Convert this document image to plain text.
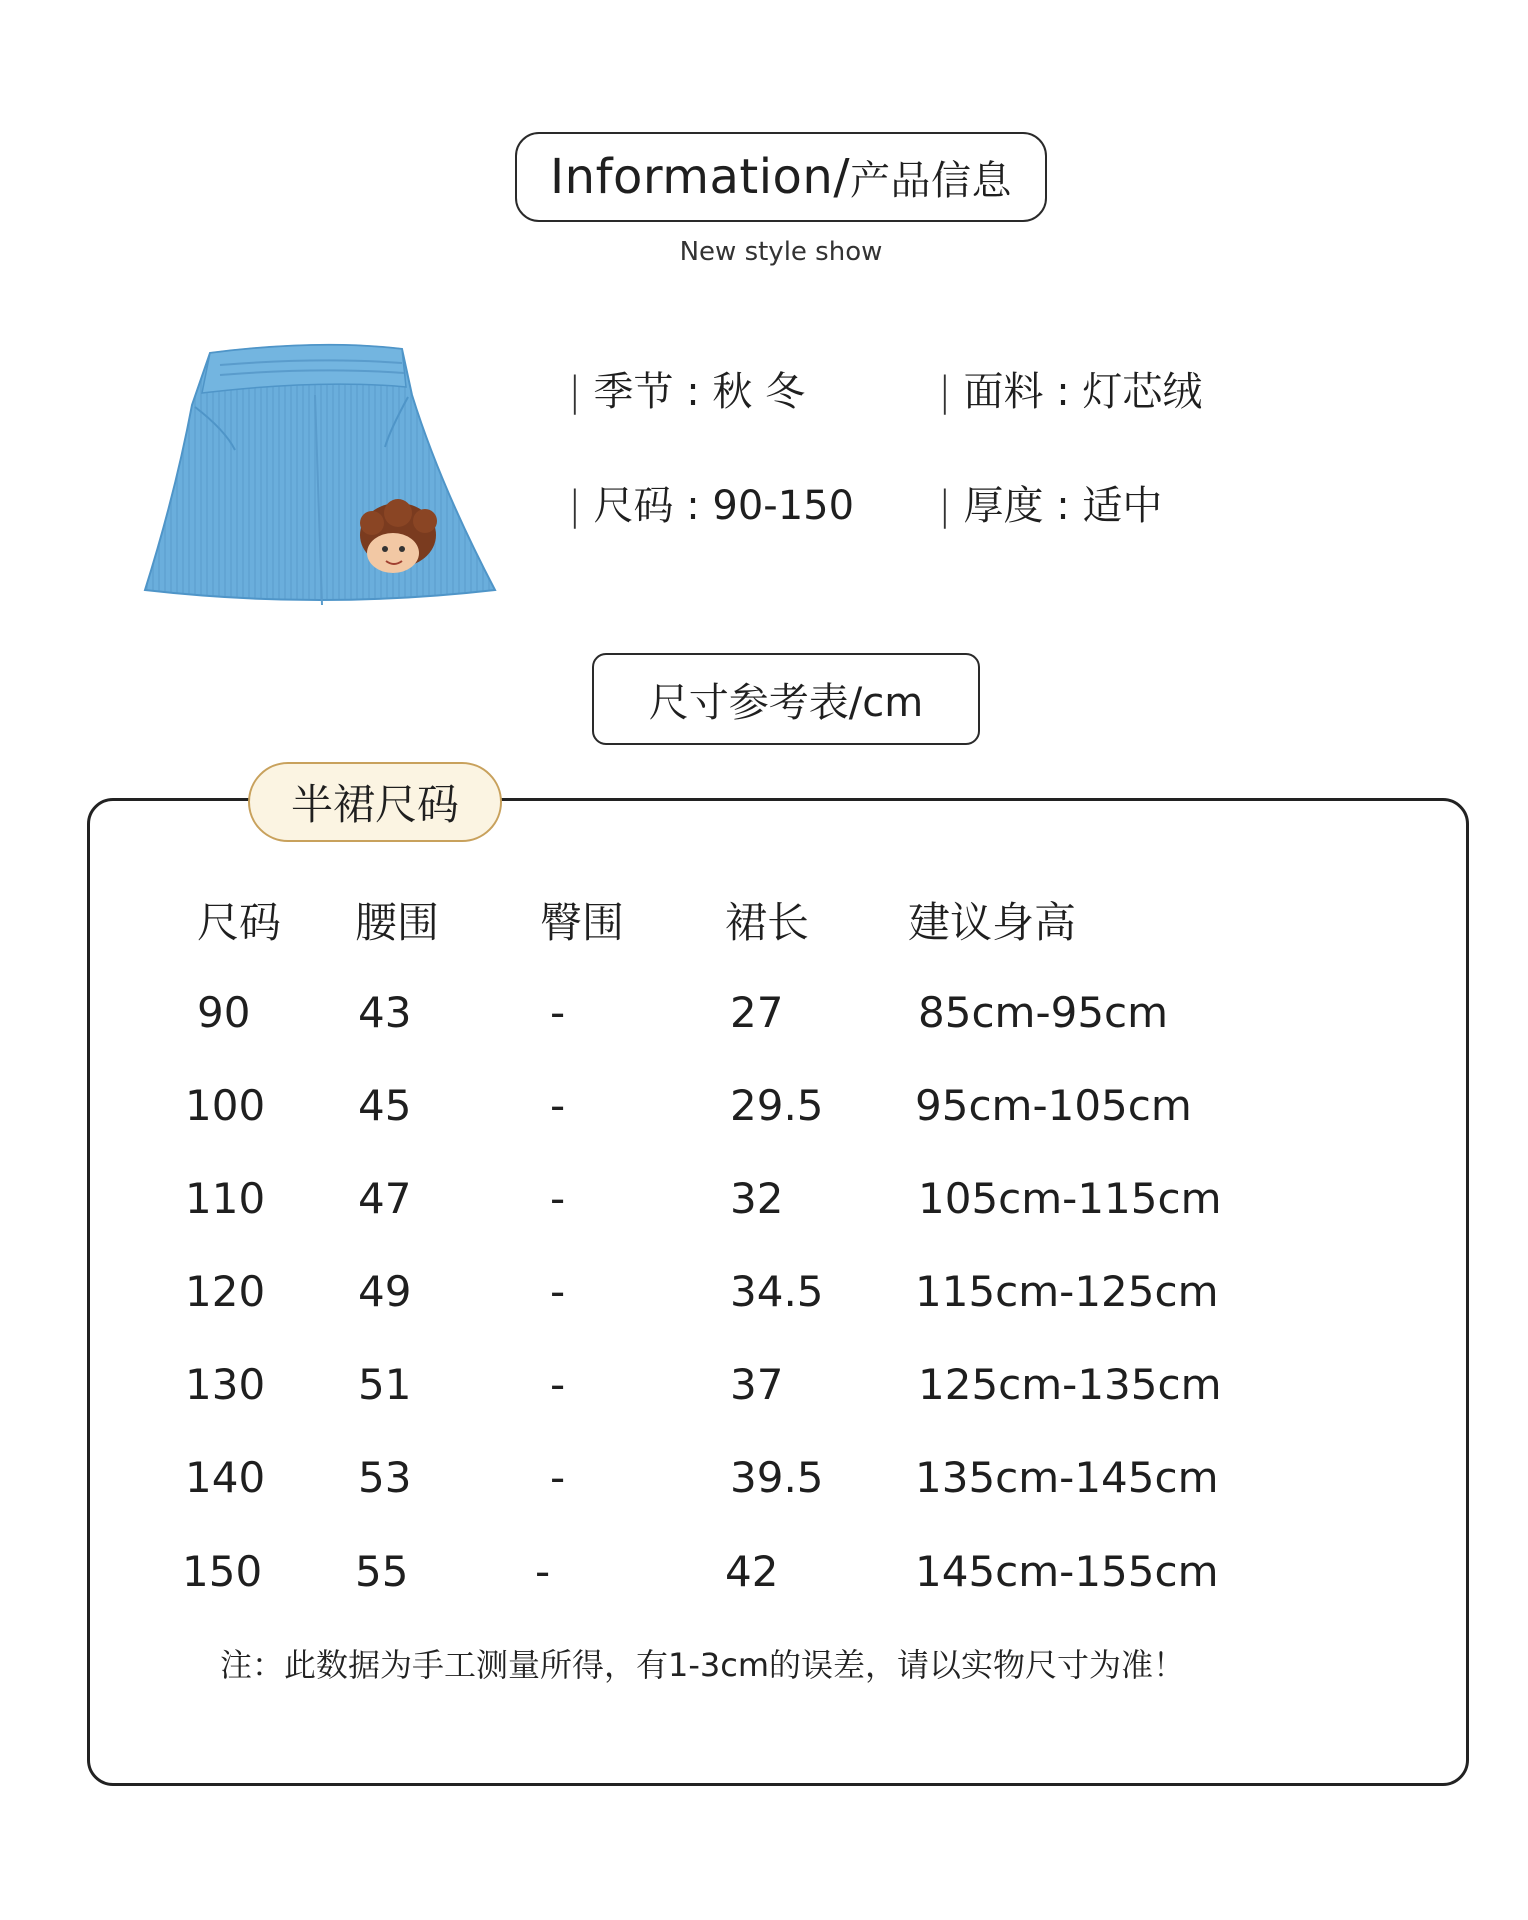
Information/ 产品信息
New style show
| 季节 : 秋 冬	| 面料 : 灯芯绒
| 尺码 : 90-150 | 厚度 : 适中
尺寸参考表/cm
半裙尺码
尺码 腰围 臀围 裙长 建议身高
90	43	-	27	85cm-95cm
100 45	-	29.5 95cm-105cm
110 47	-	32	105cm-115cm
120 49	-	34.5 115cm-125cm
130 51	-	37	125cm-135cm
140 53	-	39.5 135cm-145cm
150 55	-	42	145cm-155cm
注：此数据为手工测量所得，有1-3cm的误差，请以实物尺寸为准！
